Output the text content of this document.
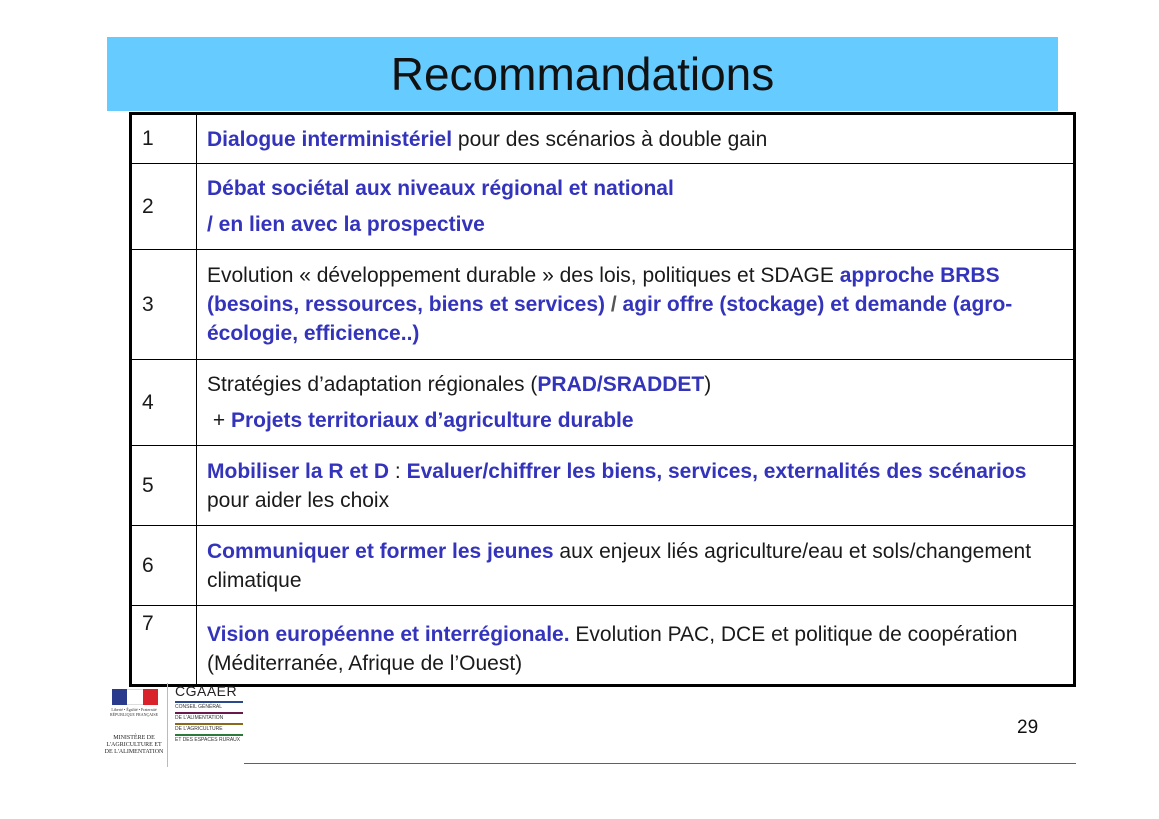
Recommandations
1	Dialogue interministériel pour des scénarios à double gain
2	Débat sociétal aux niveaux régional et national
/ en lien avec la prospective
3	Evolution « développement durable » des lois, politiques et SDAGE approche BRBS (besoins, ressources, biens et services) / agir offre (stockage) et demande (agro-écologie, efficience..)
4	Stratégies d’adaptation régionales (PRAD/SRADDET)
+ Projets territoriaux d’agriculture durable
5	Mobiliser la R et D : Evaluer/chiffrer les biens, services, externalités des scénarios pour aider les choix
6	Communiquer et former les jeunes aux enjeux liés agriculture/eau et sols/changement climatique
7	Vision européenne et interrégionale. Evolution PAC, DCE et politique de coopération (Méditerranée, Afrique de l’Ouest)
Liberté • Égalité • Fraternité
RÉPUBLIQUE FRANÇAISE
MINISTÈRE DE L'AGRICULTURE ET DE L'ALIMENTATION
CGAAER
CONSEIL GÉNÉRAL
DE L'ALIMENTATION
DE L'AGRICULTURE
ET DES ESPACES RURAUX
29
